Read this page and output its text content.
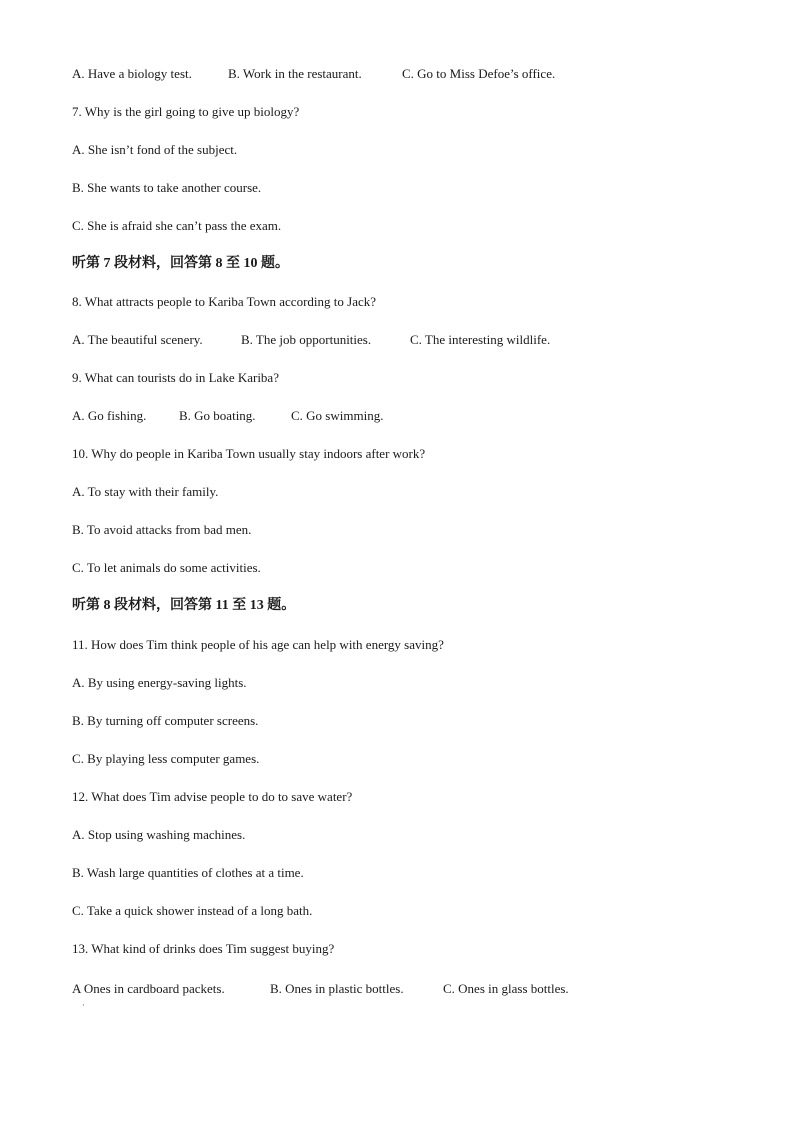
A. Have a biology test.	B. Work in the restaurant.	C. Go to Miss Defoe’s office.
7. Why is the girl going to give up biology?
A. She isn’t fond of the subject.
B. She wants to take another course.
C. She is afraid she can’t pass the exam.
听第 7 段材料，回答第 8 至 10 题。
8. What attracts people to Kariba Town according to Jack?
A. The beautiful scenery.	B. The job opportunities.	C. The interesting wildlife.
9. What can tourists do in Lake Kariba?
A. Go fishing.	B. Go boating.	C. Go swimming.
10. Why do people in Kariba Town usually stay indoors after work?
A. To stay with their family.
B. To avoid attacks from bad men.
C. To let animals do some activities.
听第 8 段材料，回答第 11 至 13 题。
11. How does Tim think people of his age can help with energy saving?
A. By using energy-saving lights.
B. By turning off computer screens.
C. By playing less computer games.
12. What does Tim advise people to do to save water?
A. Stop using washing machines.
B. Wash large quantities of clothes at a time.
C. Take a quick shower instead of a long bath.
13. What kind of drinks does Tim suggest buying?
A Ones in cardboard packets.	B. Ones in plastic bottles.	C. Ones in glass bottles.
·
